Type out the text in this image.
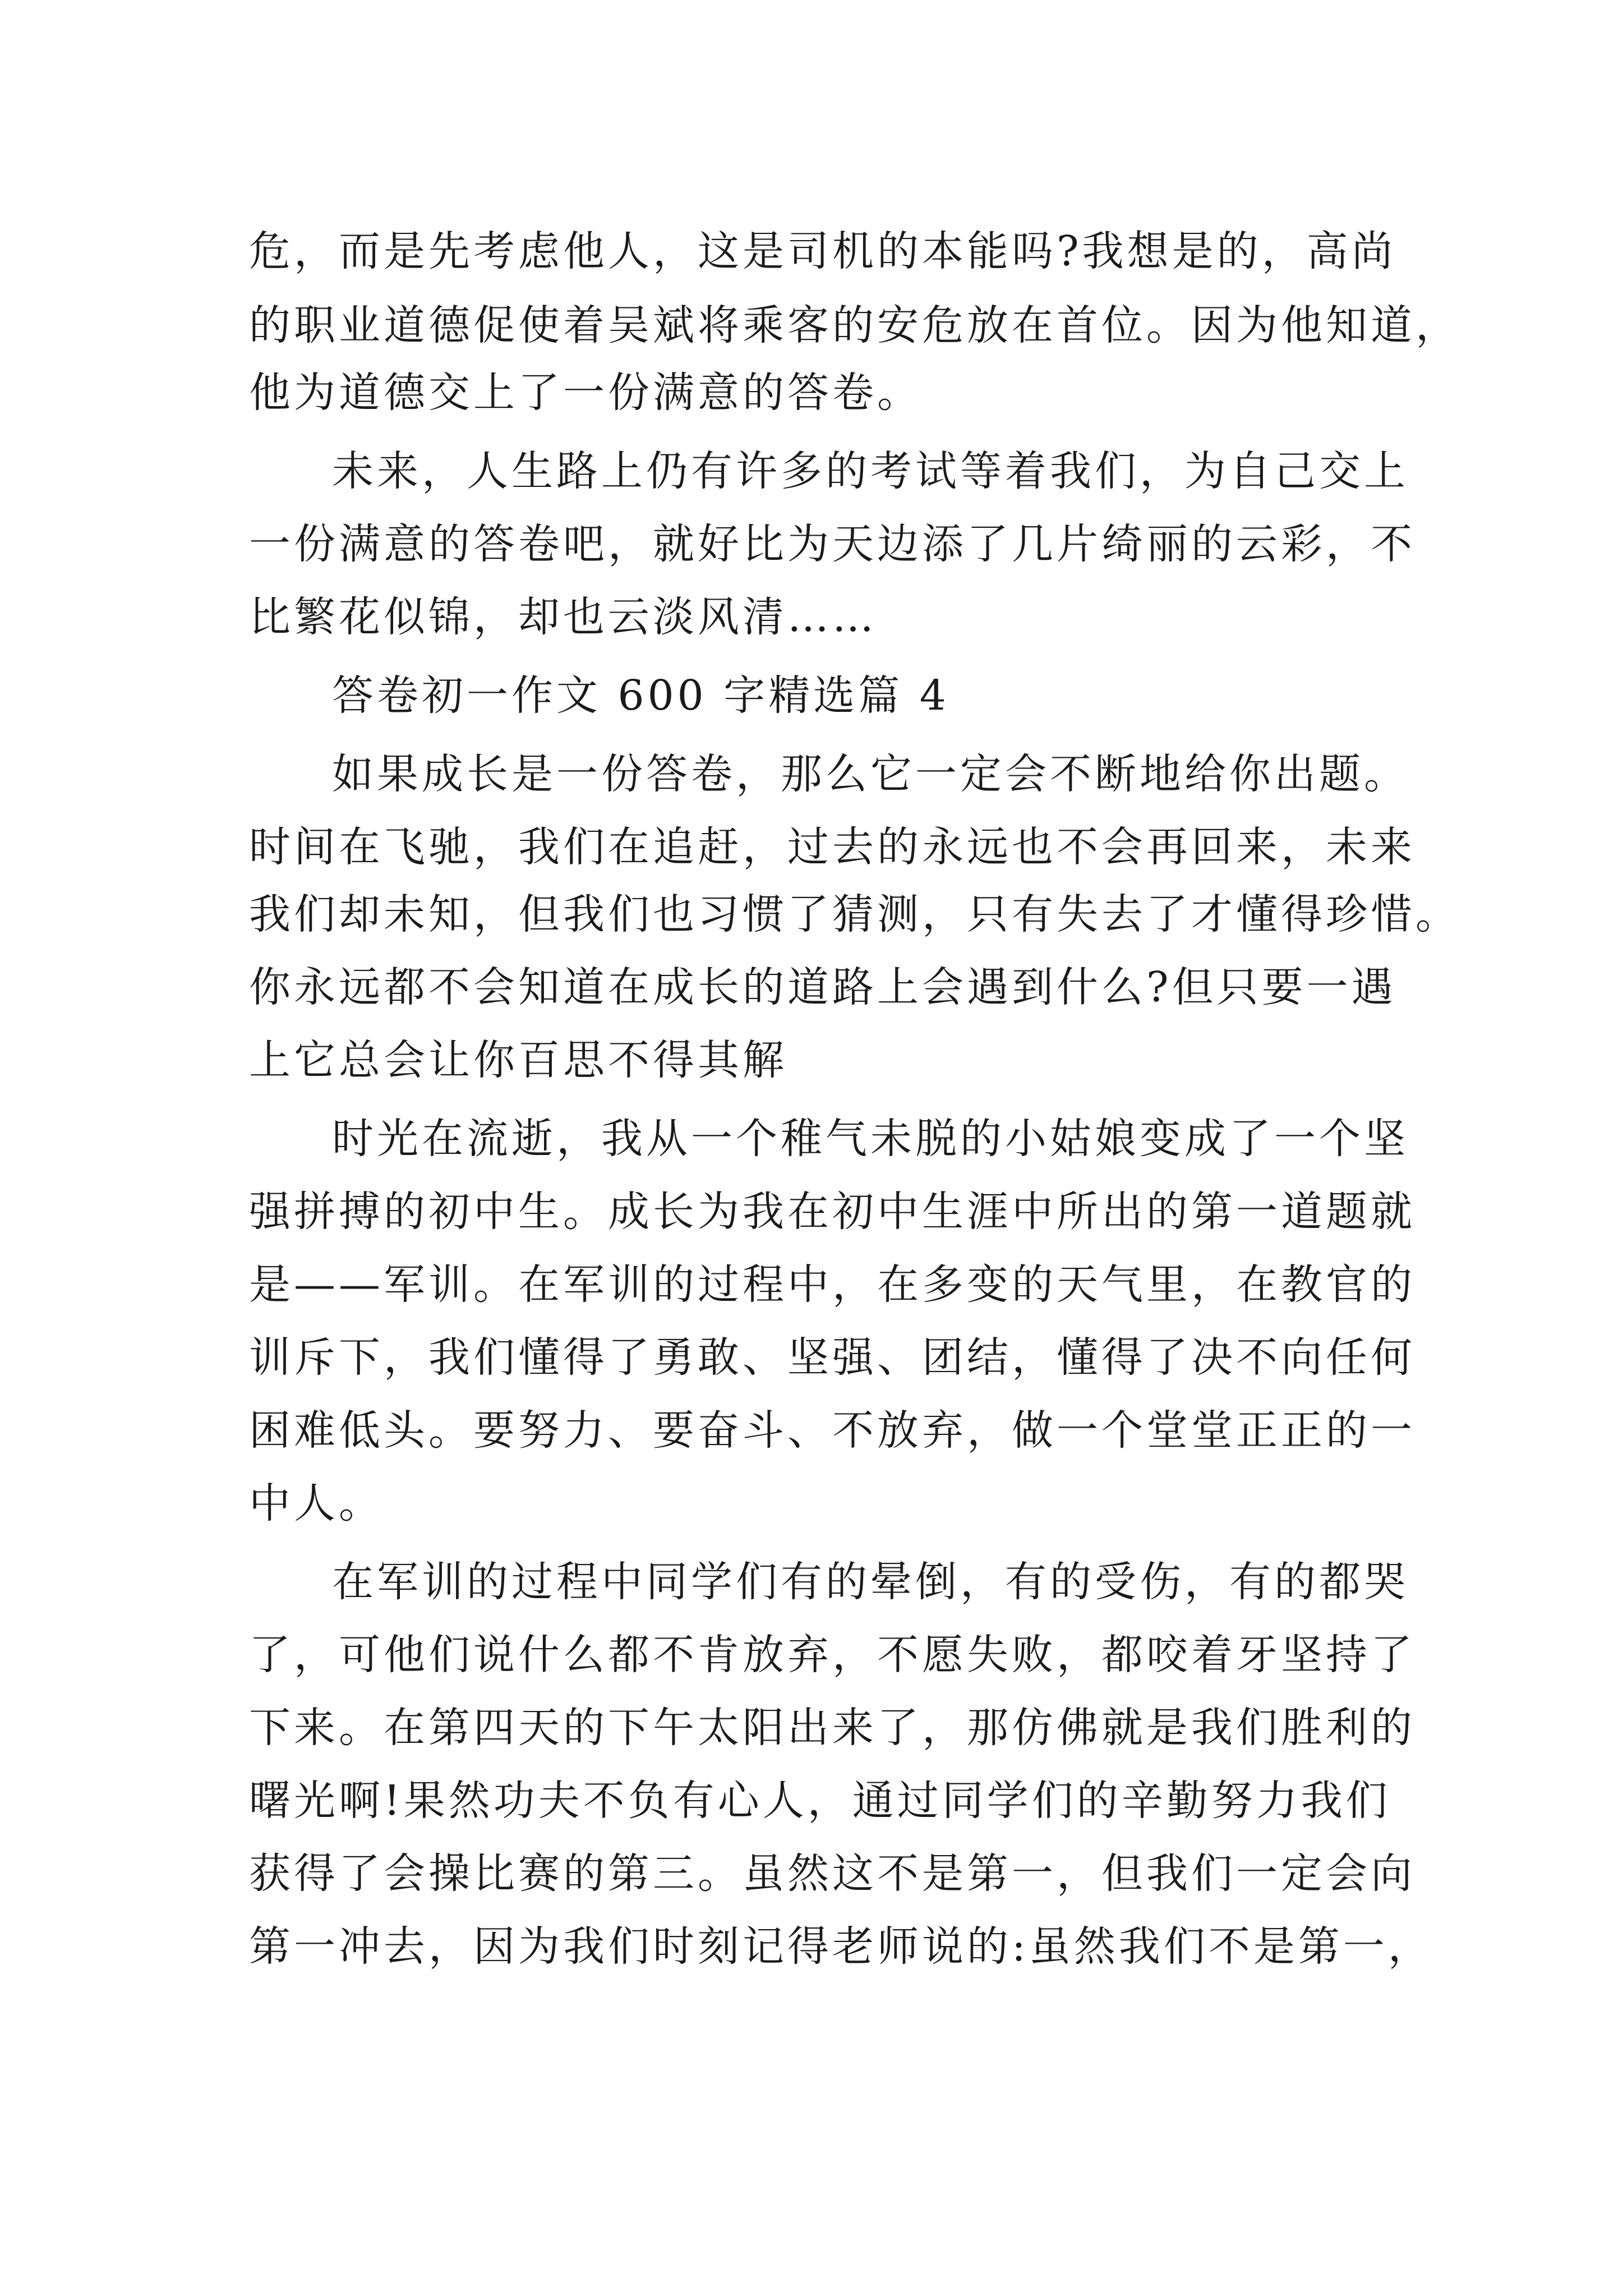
危，而是先考虑他人，这是司机的本能吗?我想是的，高尚
的职业道德促使着吴斌将乘客的安危放在首位。因为他知道，
他为道德交上了一份满意的答卷。
未来，人生路上仍有许多的考试等着我们，为自己交上
一份满意的答卷吧，就好比为天边添了几片绮丽的云彩，不
比繁花似锦，却也云淡风清……
答卷初一作文 600 字精选篇 4
如果成长是一份答卷，那么它一定会不断地给你出题。
时间在飞驰，我们在追赶，过去的永远也不会再回来，未来
我们却未知，但我们也习惯了猜测，只有失去了才懂得珍惜。
你永远都不会知道在成长的道路上会遇到什么?但只要一遇
上它总会让你百思不得其解
时光在流逝，我从一个稚气未脱的小姑娘变成了一个坚
强拼搏的初中生。成长为我在初中生涯中所出的第一道题就
是——军训。在军训的过程中，在多变的天气里，在教官的
训斥下，我们懂得了勇敢、坚强、团结，懂得了决不向任何
困难低头。要努力、要奋斗、不放弃，做一个堂堂正正的一
中人。
在军训的过程中同学们有的晕倒，有的受伤，有的都哭
了，可他们说什么都不肯放弃，不愿失败，都咬着牙坚持了
下来。在第四天的下午太阳出来了，那仿佛就是我们胜利的
曙光啊!果然功夫不负有心人，通过同学们的辛勤努力我们
获得了会操比赛的第三。虽然这不是第一，但我们一定会向
第一冲去，因为我们时刻记得老师说的:虽然我们不是第一，
